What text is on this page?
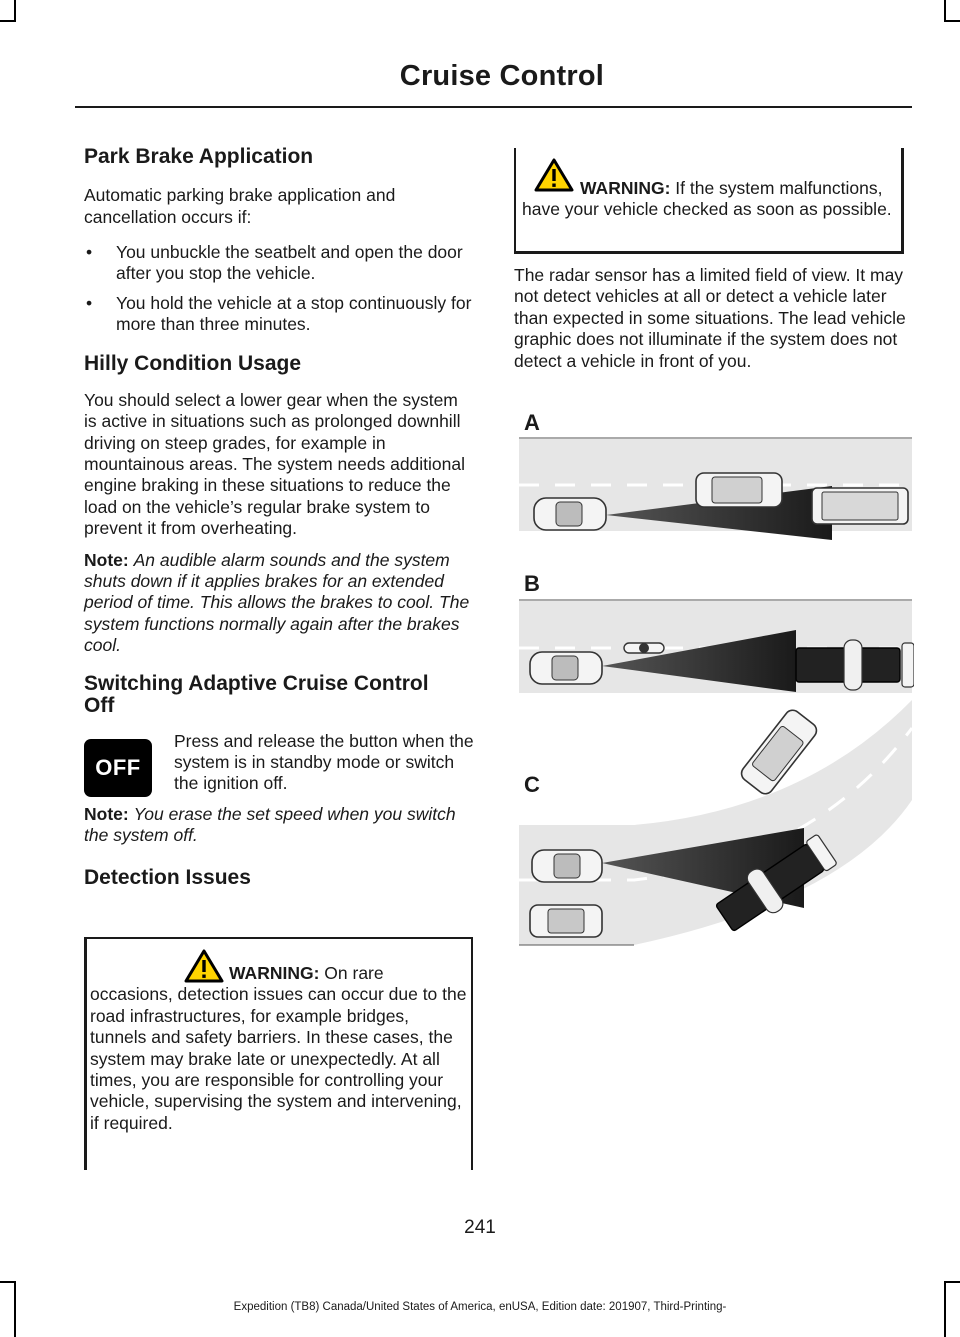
Cruise Control
Park Brake Application

Automatic parking brake application and cancellation occurs if:

• You unbuckle the seatbelt and open the door after you stop the vehicle.
• You hold the vehicle at a stop continuously for more than three minutes.
Hilly Condition Usage

You should select a lower gear when the system is active in situations such as prolonged downhill driving on steep grades, for example in mountainous areas. The system needs additional engine braking in these situations to reduce the load on the vehicle’s regular brake system to prevent it from overheating.

Note: An audible alarm sounds and the system shuts down if it applies brakes for an extended period of time. This allows the brakes to cool. The system functions normally again after the brakes cool.

Switching Adaptive Cruise Control
Off
OFF

Press and release the button when the system is in standby mode or switch the ignition off.

Note: You erase the set speed when you switch the system off.

Detection Issues

WARNING: On rare occasions, detection issues can occur due to the road infrastructures, for example bridges, tunnels and safety barriers. In these cases, the system may brake late or unexpectedly. At all times, you are responsible for controlling your vehicle, supervising the system and intervening, if required.

WARNING: If the system malfunctions, have your vehicle checked as soon as possible.

The radar sensor has a limited field of view. It may not detect vehicles at all or detect a vehicle later than expected in some situations. The lead vehicle graphic does not illuminate if the system does not detect a vehicle in front of you.

A
B
C
241
Expedition (TB8) Canada/United States of America, enUSA, Edition date: 201907, Third-Printing-
